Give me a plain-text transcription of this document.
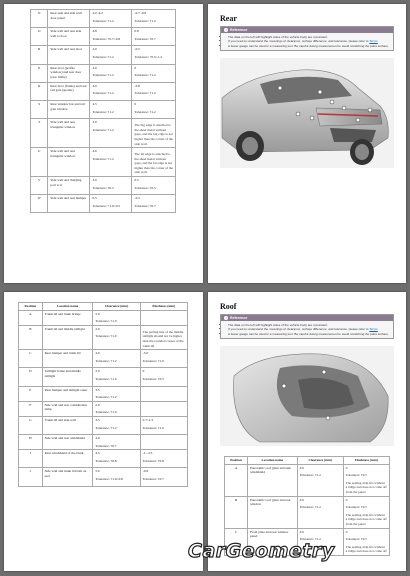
N	Rear side and side wall door panel	4.0 -4.2
Tolerance: ±1.2	-0.7 -0.8
Tolerance: ±1.2

O	Side wall and rear side wall to door	4.8
Tolerance: +0.7/-0.8	0.8
Tolerance: ±0.7

R	Side wall and rear door	4.0
Tolerance: ±1.2	-0.5
Tolerance: +0.5/-1.2

P	Rear door (profile window) and rear door (rear frame)	4.0
Tolerance: ±1.2	0
Tolerance: ±1.2

R	Rear door (frame) and rear tail gate (spoiler)	4.0
Tolerance: ±1.2	-0.8
Tolerance: ±1.2

S	Rear window bar and tail gate window	4.5
Tolerance: ±1.2	0
Tolerance: ±1.2

T	Side wall and rear triangular window	3.0
Tolerance: ±1.2	The big edge is attached to the sheet metal without gaps, and the big edge is not higher than the corner of the side wall.

U	Side wall and rear triangular window	4.0
Tolerance: ±1.2	The fat edge is attached to the sheet metal without gaps, and the fat edge is not higher than the corner of the side wall.

V	Side wall and charging port to it	3.0
Tolerance: ±0.5	0.5
Tolerance: ±0.5

W	Side wall and rear bumper	0.5
Tolerance: +1.0/-0.5	-0.5
Tolerance: ±0.7
Rear
i Reference
• The data on the left will highlight sides of the vehicle body are consistent.
• If you need to understand the meanings of clearance, surface difference, and tolerance, please refer to Terms
• A feeler gauge can be used in a measuring tool. Be careful during measurement to avoid scratching the paint surface.
Position	Location name	Clearance (mm)	Flushness (mm)
A	Trunk lid and trunk bridge	5.0
Tolerance: ±1.0	

B	Trunk lid and middle taillight	2.0
Tolerance: ±1.0	The parting line of the middle taillight should not be higher than the rounded corner of the trunk lid

C	Rear bumper and trunk lid	4.0
Tolerance: ±1.2	-3.0
Tolerance: ±1.0

D	Taillight frame and middle taillight	2.0
Tolerance: ±1.0	0
Tolerance: ±0.5

E	Rear bumper and taillight outer	3.5
Tolerance: ±1.2	

F	Side wall and rear combination lamp	2.0
Tolerance: ±1.0	

G	Trunk lid and side wall	3.5
Tolerance: ±1.2	0.7~1.3
Tolerance: ±1.0

H	Side wall and rear windshield	4.0
Tolerance: ±0.7	

I	Rear windshield of the trunk	4.5
Tolerance: ±0.8	-1...4.5
Tolerance: ±0.8

J	Side wall and trunk lid trim on end	5.0
Tolerance: ±1.0/-0.8	-0.8
Tolerance: ±0.7
Roof
i Reference
• The data on the left will highlight sides of the vehicle body are consistent.
• If you need to understand the meanings of clearance, surface difference, and tolerance, please refer to Terms
• A feeler gauge can be used in a measuring tool. Be careful during measurement to avoid scratching the paint surface.
Position	Location name	Clearance (mm)	Flushness (mm)
A	Panoramic roof glass and side windshield	4.0
Tolerance: ±1.2	0
Tolerance: ±0.7
The sealing strip fits without a bulge and does not come off from the panel

B	Panoramic roof glass and rear window	4.0
Tolerance: ±1.2	0
Tolerance: ±0.7
The sealing strip fits without a bulge and does not come off from the panel

C	Front plate and rear window panel	4.0
Tolerance: ±1.2	0
Tolerance: ±0.7
The sealing strip fits without a bulge and does not come off
CarGeometry
